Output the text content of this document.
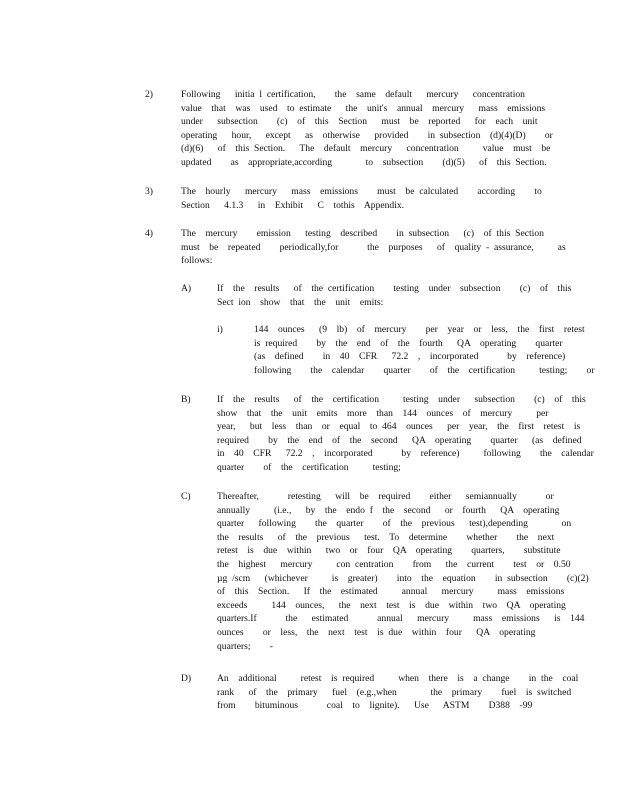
2)	Following   initia l certification,    the  same  default   mercury   concentration
value  that  was  used  to estimate   the  unit's  annual  mercury   mass  emissions
under   subsection    (c)  of  this  Section   must  be  reported   for  each  unit
operating   hour,   except   as  otherwise   provided    in subsection  (d)(4)(D)    or
(d)(6)   of  this Section.   The  default  mercury   concentration     value  must  be
updated    as  appropriate,according       to  subsection    (d)(5)   of  this Section.
3)	The  hourly   mercury   mass  emissions    must  be calculated    according    to
Section   4.1.3   in  Exhibit   C  tothis  Appendix.
4)	The  mercury    emission   testing  described    in subsection   (c)  of this Section
must  be  repeated    periodically,for      the  purposes   of  quality - assurance,     as
follows:
A)	If  the  results   of  the certification    testing  under  subsection    (c)  of  this
Sect ion  show  that  the  unit  emits:
i)	144  ounces   (9  lb)  of  mercury    per  year  or  less,  the  first  retest
is required    by  the  end  of  the  fourth   QA  operating    quarter
(as  defined    in  40  CFR   72.2  ,  incorporated      by  reference)
following    the  calendar    quarter    of  the  certification     testing;    or
B)	If  the  results   of  the  certification     testing  under   subsection    (c)  of  this
show  that  the  unit  emits  more  than  144  ounces  of  mercury     per
year,   but  less  than  or  equal  to 464  ounces   per  year,  the  first  retest  is
required    by  the  end  of  the  second   QA  operating    quarter   (as  defined
in  40  CFR   72.2  ,  incorporated      by  reference)     following    the  calendar
quarter    of  the  certification     testing;
C)	Thereafter,      retesting   will  be  required    either   semiannually      or
annually     (i.e.,   by  the  endo f  the  second   or  fourth   QA  operating
quarter   following    the  quarter    of  the  previous   test),depending       on
the  results   of  the  previous   test.  To  determine    whether    the  next
retest  is  due  within   two  or  four  QA  operating    quarters,    substitute
the  highest   mercury     con centration    from   the  current    test  or  0.50
µg /scm   (whichever     is  greater)    into  the  equation    in subsection    (c)(2)
of  this  Section.   If  the  estimated     annual   mercury     mass  emissions
exceeds     144  ounces,   the  next  test  is  due  within  two  QA  operating
quarters.If      the   estimated      annual   mercury     mass  emissions   is  144
ounces    or  less,  the  next  test  is due  within  four   QA  operating
quarters;    -
D)	An  additional     retest  is required     when  there  is  a change    in the  coal
rank   of  the  primary   fuel  (e.g.,when       the  primary    fuel  is switched
from    bituminous      coal  to  lignite).   Use   ASTM    D388  -99
